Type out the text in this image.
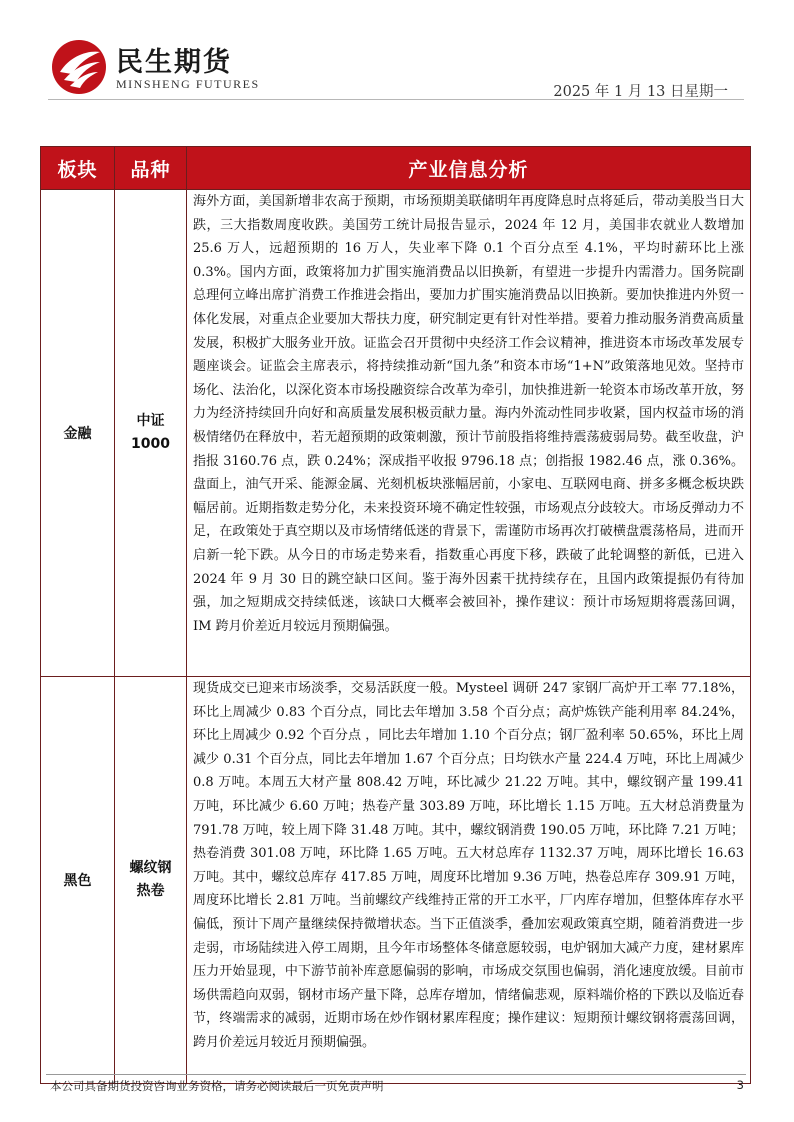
民生期货
MINSHENG FUTURES	2025 年 1 月 13 日星期一
板块	品种	产业信息分析
金融	中证
1000	海外方面，美国新增非农高于预期，市场预期美联储明年再度降息时点将延后，带动美股当日大跌，三大指数周度收跌。美国劳工统计局报告显示，2024 年 12 月，美国非农就业人数增加 25.6 万人，远超预期的 16 万人，失业率下降 0.1 个百分点至 4.1%，平均时薪环比上涨 0.3%。国内方面，政策将加力扩围实施消费品以旧换新，有望进一步提升内需潜力。国务院副总理何立峰出席扩消费工作推进会指出，要加力扩围实施消费品以旧换新。要加快推进内外贸一体化发展，对重点企业要加大帮扶力度，研究制定更有针对性举措。要着力推动服务消费高质量发展，积极扩大服务业开放。证监会召开贯彻中央经济工作会议精神，推进资本市场改革发展专题座谈会。证监会主席表示，将持续推动新“国九条”和资本市场“1+N”政策落地见效。坚持市场化、法治化，以深化资本市场投融资综合改革为牵引，加快推进新一轮资本市场改革开放，努力为经济持续回升向好和高质量发展积极贡献力量。海内外流动性同步收紧，国内权益市场的消极情绪仍在释放中，若无超预期的政策刺激，预计节前股指将维持震荡疲弱局势。截至收盘，沪指报 3160.76 点，跌 0.24%；深成指平收报 9796.18 点；创指报 1982.46 点，涨 0.36%。盘面上，油气开采、能源金属、光刻机板块涨幅居前，小家电、互联网电商、拼多多概念板块跌幅居前。近期指数走势分化，未来投资环境不确定性较强，市场观点分歧较大。市场反弹动力不足，在政策处于真空期以及市场情绪低迷的背景下，需谨防市场再次打破横盘震荡格局，进而开启新一轮下跌。从今日的市场走势来看，指数重心再度下移，跌破了此轮调整的新低，已进入 2024 年 9 月 30 日的跳空缺口区间。鉴于海外因素干扰持续存在，且国内政策提振仍有待加强，加之短期成交持续低迷，该缺口大概率会被回补，操作建议：预计市场短期将震荡回调，IM 跨月价差近月较远月预期偏强。
黑色	螺纹钢
热卷	现货成交已迎来市场淡季，交易活跃度一般。Mysteel 调研 247 家钢厂高炉开工率 77.18%，环比上周减少 0.83 个百分点，同比去年增加 3.58 个百分点；高炉炼铁产能利用率 84.24%，环比上周减少 0.92 个百分点 ，同比去年增加 1.10 个百分点；钢厂盈利率 50.65%，环比上周减少 0.31 个百分点，同比去年增加 1.67 个百分点；日均铁水产量 224.4 万吨，环比上周减少 0.8 万吨。本周五大材产量 808.42 万吨，环比减少 21.22 万吨。其中，螺纹钢产量 199.41 万吨，环比减少 6.60 万吨；热卷产量 303.89 万吨，环比增长 1.15 万吨。五大材总消费量为 791.78 万吨，较上周下降 31.48 万吨。其中，螺纹钢消费 190.05 万吨，环比降 7.21 万吨；热卷消费 301.08 万吨，环比降 1.65 万吨。五大材总库存 1132.37 万吨，周环比增长 16.63 万吨。其中，螺纹总库存 417.85 万吨，周度环比增加 9.36 万吨，热卷总库存 309.91 万吨，周度环比增长 2.81 万吨。当前螺纹产线维持正常的开工水平，厂内库存增加，但整体库存水平偏低，预计下周产量继续保持微增状态。当下正值淡季，叠加宏观政策真空期，随着消费进一步走弱，市场陆续进入停工周期，且今年市场整体冬储意愿较弱，电炉钢加大减产力度，建材累库压力开始显现，中下游节前补库意愿偏弱的影响，市场成交氛围也偏弱，消化速度放缓。目前市场供需趋向双弱，钢材市场产量下降，总库存增加，情绪偏悲观，原料端价格的下跌以及临近春节，终端需求的减弱，近期市场在炒作钢材累库程度；操作建议：短期预计螺纹钢将震荡回调，跨月价差远月较近月预期偏强。
本公司具备期货投资咨询业务资格，请务必阅读最后一页免责声明	3
